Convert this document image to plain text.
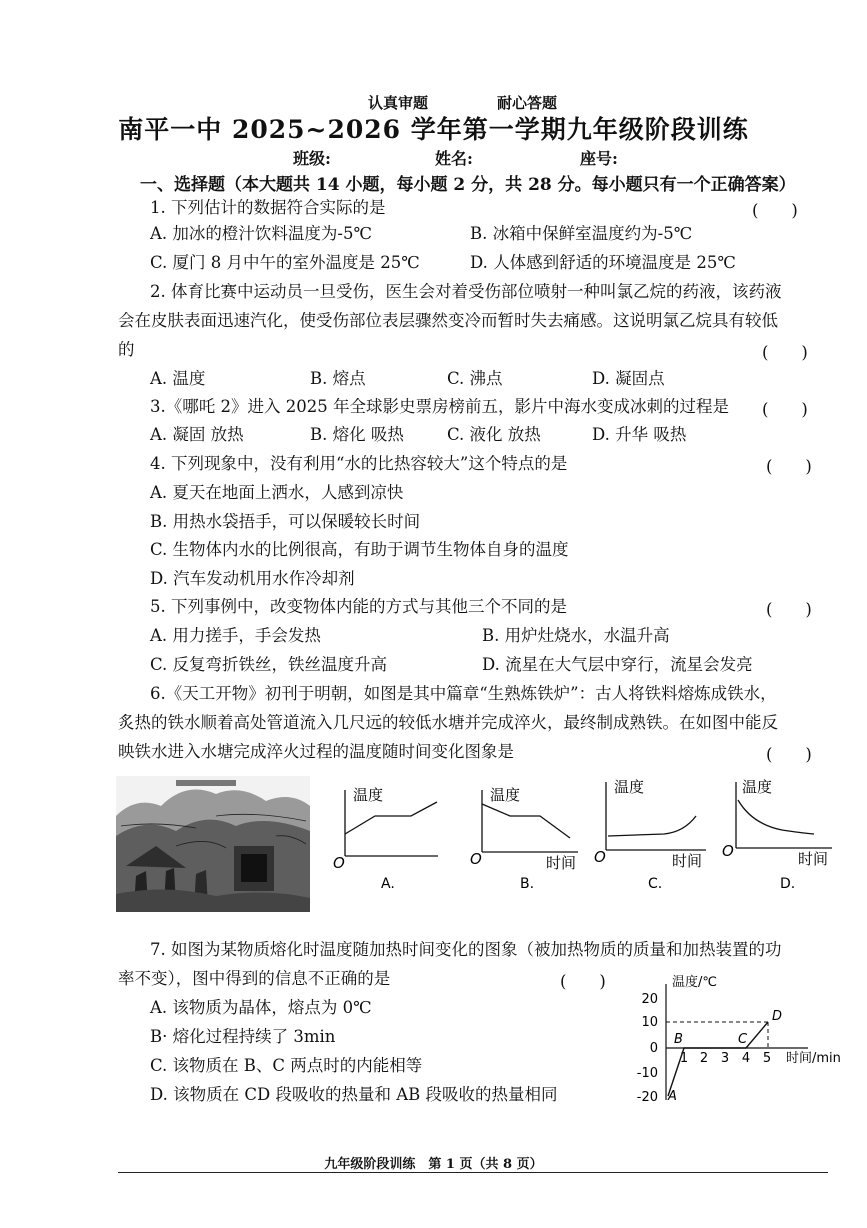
认真审题	耐心答题
南平一中 2025~2026 学年第一学期九年级阶段训练
班级:	姓名:	座号:
一、选择题（本大题共 14 小题，每小题 2 分，共 28 分。每小题只有一个正确答案）
1. 下列估计的数据符合实际的是	(　　)
A. 加冰的橙汁饮料温度为-5℃	B. 冰箱中保鲜室温度约为-5℃
C. 厦门 8 月中午的室外温度是 25℃	D. 人体感到舒适的环境温度是 25℃
2. 体育比赛中运动员一旦受伤，医生会对着受伤部位喷射一种叫氯乙烷的药液，该药液
会在皮肤表面迅速汽化，使受伤部位表层骤然变冷而暂时失去痛感。这说明氯乙烷具有较低
的	(　　)
A. 温度	B. 熔点	C. 沸点	D. 凝固点
3.《哪吒 2》进入 2025 年全球影史票房榜前五，影片中海水变成冰刺的过程是 (　　)
A. 凝固 放热	B. 熔化 吸热	C. 液化 放热	D. 升华 吸热
4. 下列现象中，没有利用“水的比热容较大”这个特点的是	(　　)
A. 夏天在地面上洒水，人感到凉快
B. 用热水袋捂手，可以保暖较长时间
C. 生物体内水的比例很高，有助于调节生物体自身的温度
D. 汽车发动机用水作冷却剂
5. 下列事例中，改变物体内能的方式与其他三个不同的是	(　　)
A. 用力搓手，手会发热	B. 用炉灶烧水，水温升高
C. 反复弯折铁丝，铁丝温度升高	D. 流星在大气层中穿行，流星会发亮
6.《天工开物》初刊于明朝，如图是其中篇章“生熟炼铁炉”：古人将铁料熔炼成铁水，
炙热的铁水顺着高处管道流入几尺远的较低水塘并完成淬火，最终制成熟铁。在如图中能反
映铁水进入水塘完成淬火过程的温度随时间变化图象是	(　　)
温度
O
A.
温度
O	时间
B.
温度
O	时间
C.
温度
O	时间
D.
7. 如图为某物质熔化时温度随加热时间变化的图象（被加热物质的质量和加热装置的功
率不变），图中得到的信息不正确的是	(　　)
A. 该物质为晶体，熔点为 0℃
B· 熔化过程持续了 3min
C. 该物质在 B、C 两点时的内能相等
D. 该物质在 CD 段吸收的热量和 AB 段吸收的热量相同
温度/℃
时间/min
20
10
0
-10
-20
1 2 3 4 5
A
B	C
D
九年级阶段训练　第 1 页（共 8 页）
